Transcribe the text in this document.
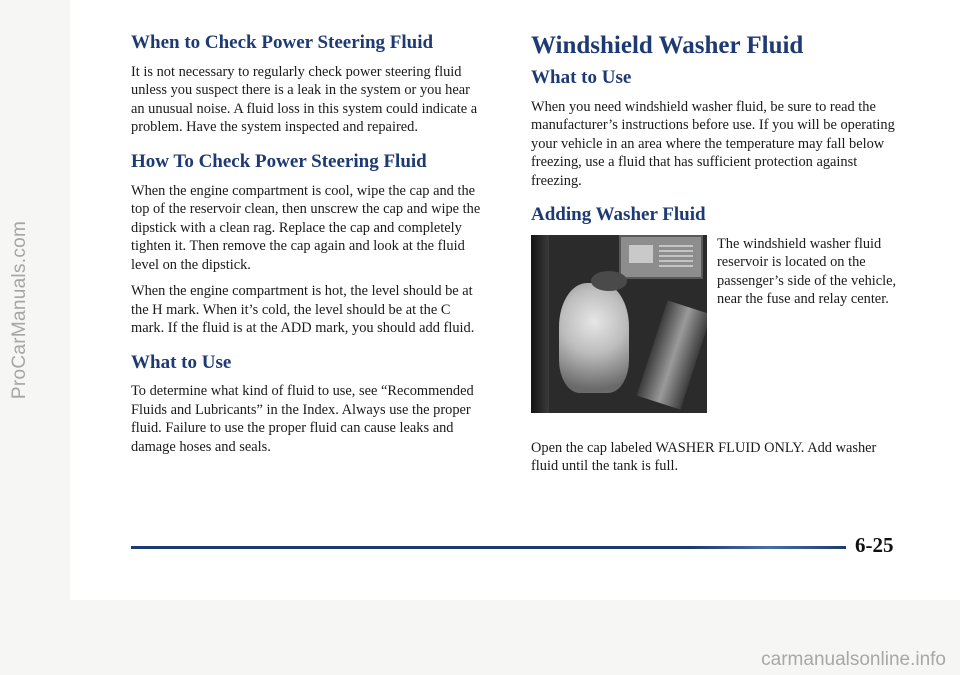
ProCarManuals.com
When to Check Power Steering Fluid

It is not necessary to regularly check power steering fluid unless you suspect there is a leak in the system or you hear an unusual noise. A fluid loss in this system could indicate a problem. Have the system inspected and repaired.

How To Check Power Steering Fluid

When the engine compartment is cool, wipe the cap and the top of the reservoir clean, then unscrew the cap and wipe the dipstick with a clean rag. Replace the cap and completely tighten it. Then remove the cap again and look at the fluid level on the dipstick.

When the engine compartment is hot, the level should be at the H mark. When it’s cold, the level should be at the C mark. If the fluid is at the ADD mark, you should add fluid.

What to Use

To determine what kind of fluid to use, see “Recommended Fluids and Lubricants” in the Index. Always use the proper fluid. Failure to use the proper fluid can cause leaks and damage hoses and seals.

Windshield Washer Fluid
What to Use

When you need windshield washer fluid, be sure to read the manufacturer’s instructions before use. If you will be operating your vehicle in an area where the temperature may fall below freezing, use a fluid that has sufficient protection against freezing.

Adding Washer Fluid

The windshield washer fluid reservoir is located on the passenger’s side of the vehicle, near the fuse and relay center.

Open the cap labeled WASHER FLUID ONLY. Add washer fluid until the tank is full.

6-25
carmanualsonline.info
